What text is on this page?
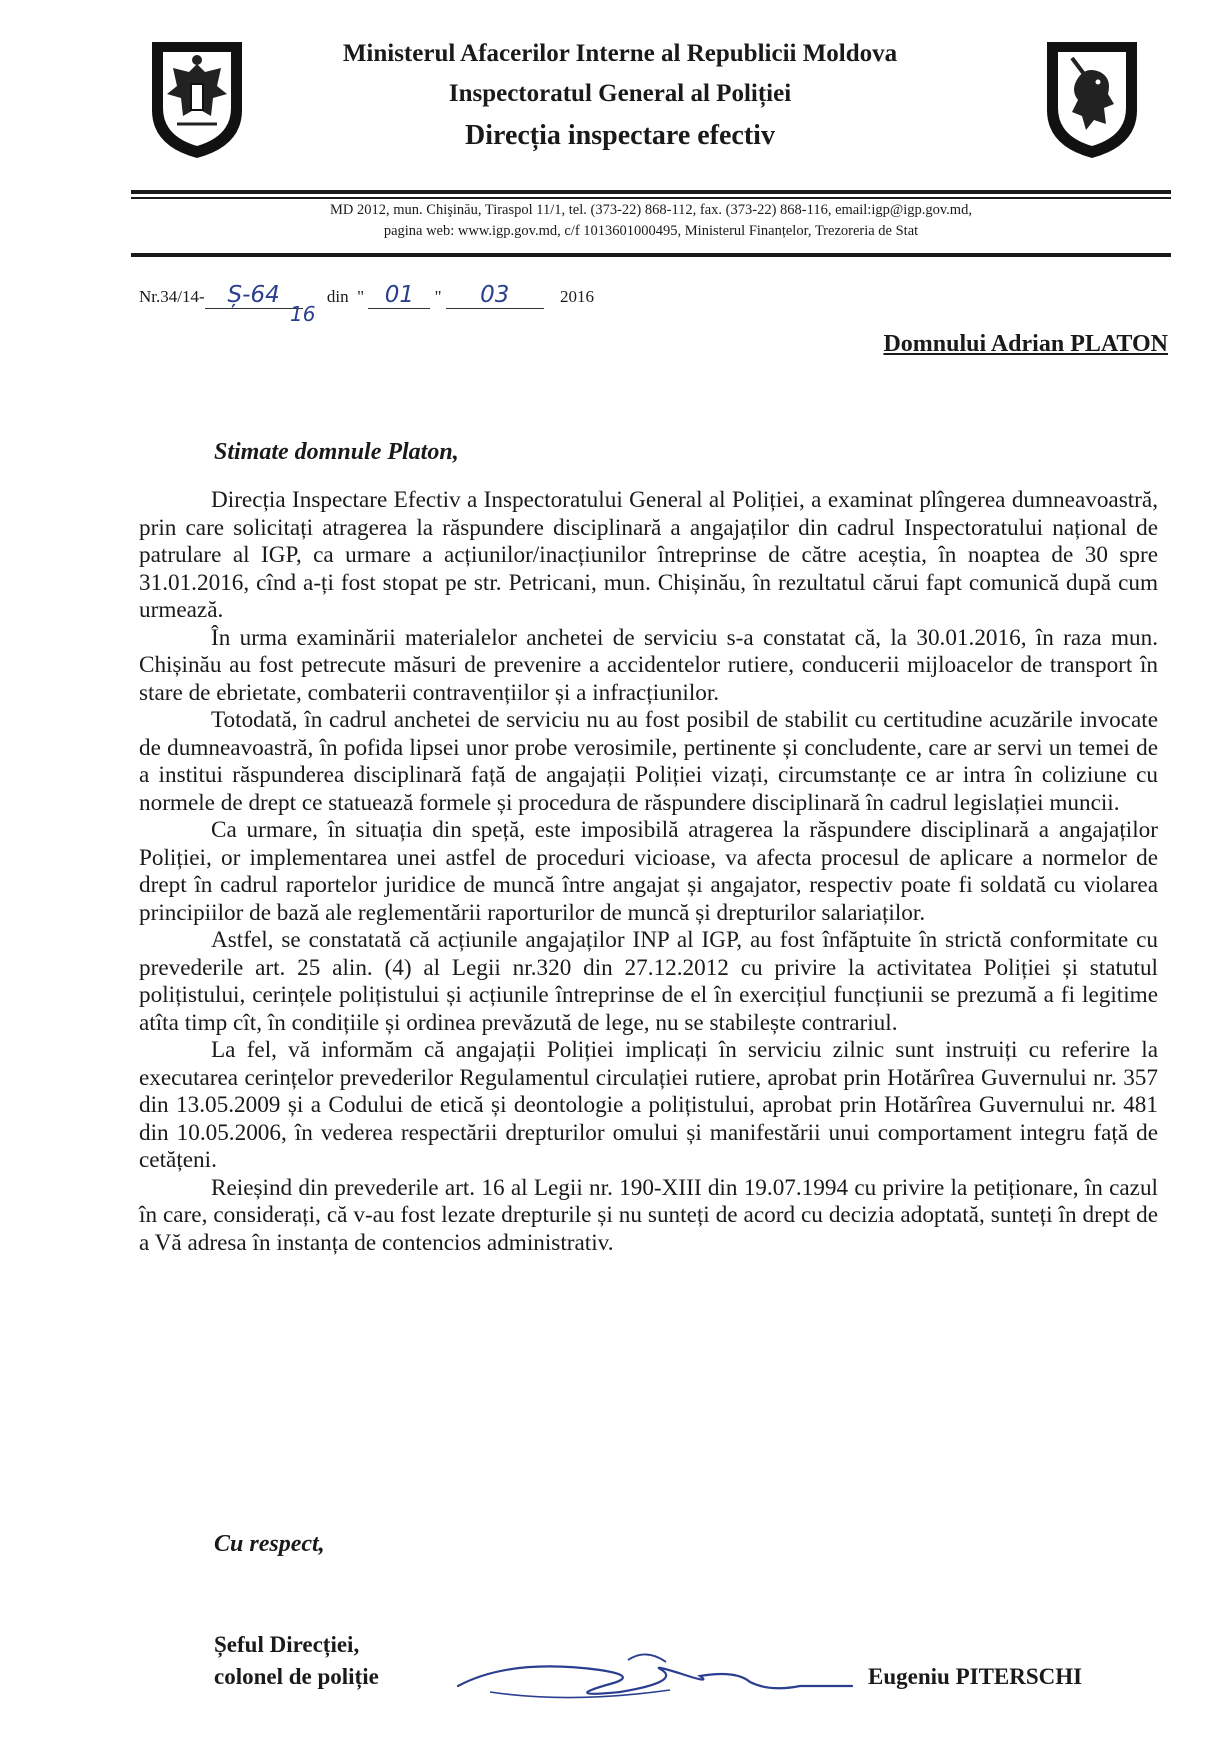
Ministerul Afacerilor Interne al Republicii Moldova
Inspectoratul General al Poliției
Direcția inspectare efectiv
MD 2012, mun. Chişinău, Tiraspol 11/1, tel. (373-22) 868-112, fax. (373-22) 868-116, email:igp@igp.gov.md,
pagina web: www.igp.gov.md, c/f 1013601000495, Ministerul Finanțelor, Trezoreria de Stat
Nr.34/14- Ș-64	din  " 01 " 03	2016
16
Domnului Adrian PLATON
Stimate domnule Platon,

Direcția Inspectare Efectiv a Inspectoratului General al Poliției, a examinat plîngerea dumneavoastră, prin care solicitați atragerea la răspundere disciplinară a angajaților din cadrul Inspectoratului național de patrulare al IGP, ca urmare a acțiunilor/inacțiunilor întreprinse de către aceștia, în noaptea de 30 spre 31.01.2016, cînd a-ți fost stopat pe str. Petricani, mun. Chișinău, în rezultatul cărui fapt comunică după cum urmează.

În urma examinării materialelor anchetei de serviciu s-a constatat că, la 30.01.2016, în raza mun. Chișinău au fost petrecute măsuri de prevenire a accidentelor rutiere, conducerii mijloacelor de transport în stare de ebrietate, combaterii contravențiilor și a infracțiunilor.

Totodată, în cadrul anchetei de serviciu nu au fost posibil de stabilit cu certitudine acuzările invocate de dumneavoastră, în pofida lipsei unor probe verosimile, pertinente și concludente, care ar servi un temei de a institui răspunderea disciplinară față de angajații Poliției vizați, circumstanțe ce ar intra în coliziune cu normele de drept ce statuează formele și procedura de răspundere disciplinară în cadrul legislației muncii.

Ca urmare, în situația din speță, este imposibilă atragerea la răspundere disciplinară a angajaților Poliției, or implementarea unei astfel de proceduri vicioase, va afecta procesul de aplicare a normelor de drept în cadrul raportelor juridice de muncă între angajat și angajator, respectiv poate fi soldată cu violarea principiilor de bază ale reglementării raporturilor de muncă și drepturilor salariaților.

Astfel, se constatată că acțiunile angajaților INP al IGP, au fost înfăptuite în strictă conformitate cu prevederile art. 25 alin. (4) al Legii nr.320 din 27.12.2012 cu privire la activitatea Poliției și statutul polițistului, cerințele polițistului și acțiunile întreprinse de el în exercițiul funcțiunii se prezumă a fi legitime atîta timp cît, în condițiile și ordinea prevăzută de lege, nu se stabilește contrariul.

La fel, vă informăm că angajații Poliției implicați în serviciu zilnic sunt instruiți cu referire la executarea cerințelor prevederilor Regulamentul circulației rutiere, aprobat prin Hotărîrea Guvernului nr. 357 din 13.05.2009 și a Codului de etică și deontologie a polițistului, aprobat prin Hotărîrea Guvernului nr. 481 din 10.05.2006, în vederea respectării drepturilor omului și manifestării unui comportament integru față de cetățeni.

Reieșind din prevederile art. 16 al Legii nr. 190-XIII din 19.07.1994 cu privire la petiționare, în cazul în care, considerați, că v-au fost lezate drepturile și nu sunteți de acord cu decizia adoptată, sunteți în drept de a Vă adresa în instanța de contencios administrativ.

Cu respect,
Șeful Direcției,
colonel de poliție	Eugeniu PITERSCHI
